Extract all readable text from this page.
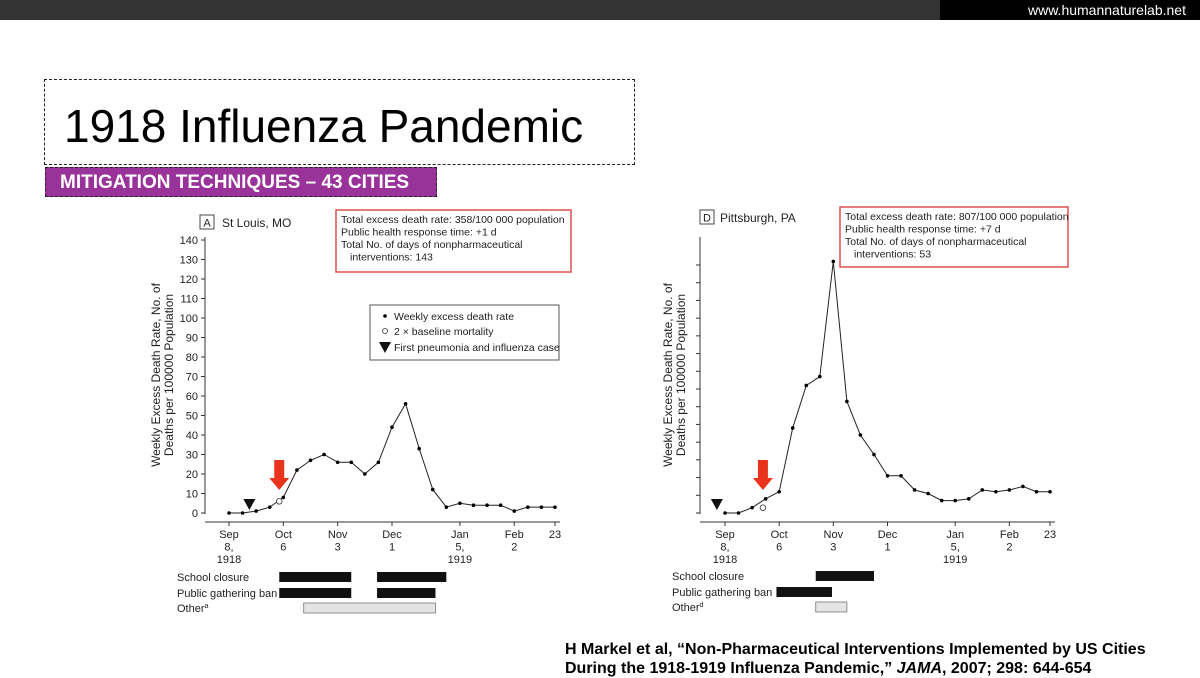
www.humannaturelab.net
1918 Influenza Pandemic
MITIGATION TECHNIQUES – 43 CITIES
A St Louis, MO	Total excess death rate: 358/100 000 population
Public health response time: +1 d
Total No. of days of nonpharmaceutical
interventions: 143
0
10
20
30
40
50
60
70
80
90
100
110
120
130
140
Weekly Excess Death Rate, No. of Deaths per 100000 Population
Sep
8,
1918
Oct
6
Nov
3
Dec
1
Jan
5,
1919
Feb
2
23
Weekly excess death rate
2 × baseline mortality
First pneumonia and influenza case
School closure
Public gathering ban
Other$^a$
D Pittsburgh, PA	Total excess death rate: 807/100 000 population
Public health response time: +7 d
Total No. of days of nonpharmaceutical
interventions: 53
Weekly Excess Death Rate, No. of Deaths per 100000 Population
Sep
8,
1918
Oct
6
Nov
3
Dec
1
Jan
5,
1919
Feb
2
23
School closure
Public gathering ban
Other$^d$
H Markel et al, “Non-Pharmaceutical Interventions Implemented by US Cities
During the 1918-1919 Influenza Pandemic,” JAMA, 2007; 298: 644-654
